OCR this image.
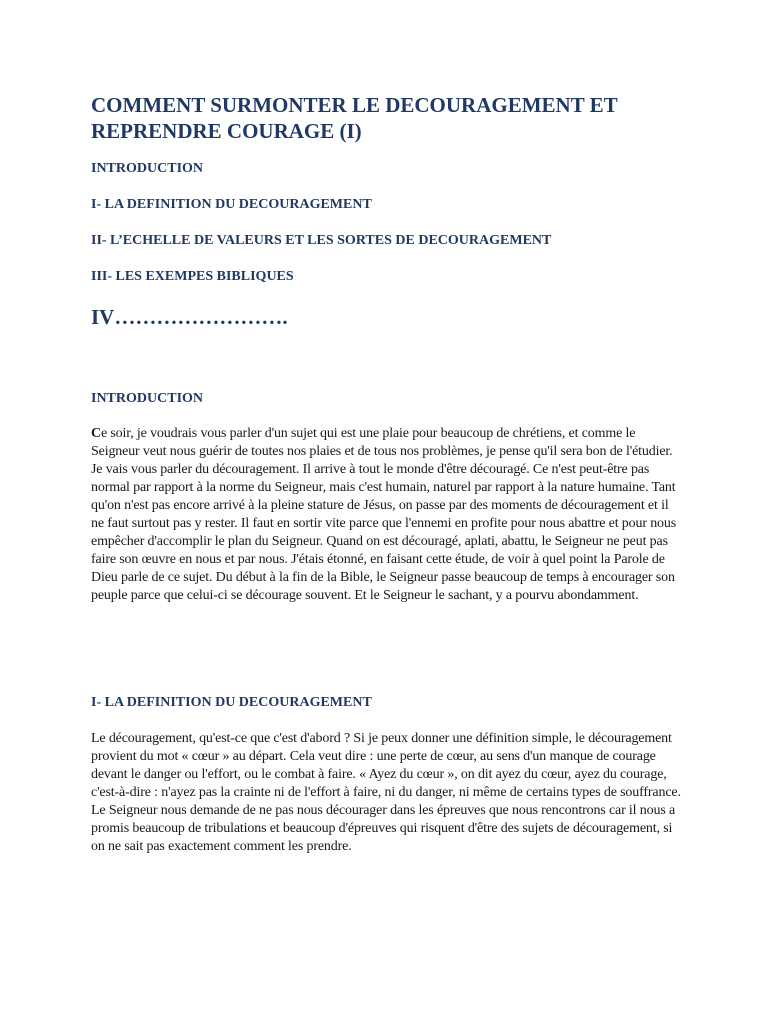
COMMENT SURMONTER LE DECOURAGEMENT ET REPRENDRE COURAGE (I)
INTRODUCTION
I- LA DEFINITION DU DECOURAGEMENT
II- L’ECHELLE DE VALEURS ET LES SORTES DE DECOURAGEMENT
III- LES EXEMPES BIBLIQUES
IV…………………….
INTRODUCTION

Ce soir, je voudrais vous parler d'un sujet qui est une plaie pour beaucoup de chrétiens, et comme le Seigneur veut nous guérir de toutes nos plaies et de tous nos problèmes, je pense qu'il sera bon de l'étudier. Je vais vous parler du découragement. Il arrive à tout le monde d'être découragé. Ce n'est peut-être pas normal par rapport à la norme du Seigneur, mais c'est humain, naturel par rapport à la nature humaine. Tant qu'on n'est pas encore arrivé à la pleine stature de Jésus, on passe par des moments de découragement et il ne faut surtout pas y rester. Il faut en sortir vite parce que l'ennemi en profite pour nous abattre et pour nous empêcher d'accomplir le plan du Seigneur. Quand on est découragé, aplati, abattu, le Seigneur ne peut pas faire son œuvre en nous et par nous. J'étais étonné, en faisant cette étude, de voir à quel point la Parole de Dieu parle de ce sujet. Du début à la fin de la Bible, le Seigneur passe beaucoup de temps à encourager son peuple parce que celui-ci se décourage souvent. Et le Seigneur le sachant, y a pourvu abondamment.

I- LA DEFINITION DU DECOURAGEMENT

Le découragement, qu'est-ce que c'est d'abord ? Si je peux donner une définition simple, le découragement provient du mot « cœur » au départ. Cela veut dire : une perte de cœur, au sens d'un manque de courage devant le danger ou l'effort, ou le combat à faire. « Ayez du cœur », on dit ayez du cœur, ayez du courage, c'est-à-dire : n'ayez pas la crainte ni de l'effort à faire, ni du danger, ni même de certains types de souffrance. Le Seigneur nous demande de ne pas nous décourager dans les épreuves que nous rencontrons car il nous a promis beaucoup de tribulations et beaucoup d'épreuves qui risquent d'être des sujets de découragement, si on ne sait pas exactement comment les prendre.
